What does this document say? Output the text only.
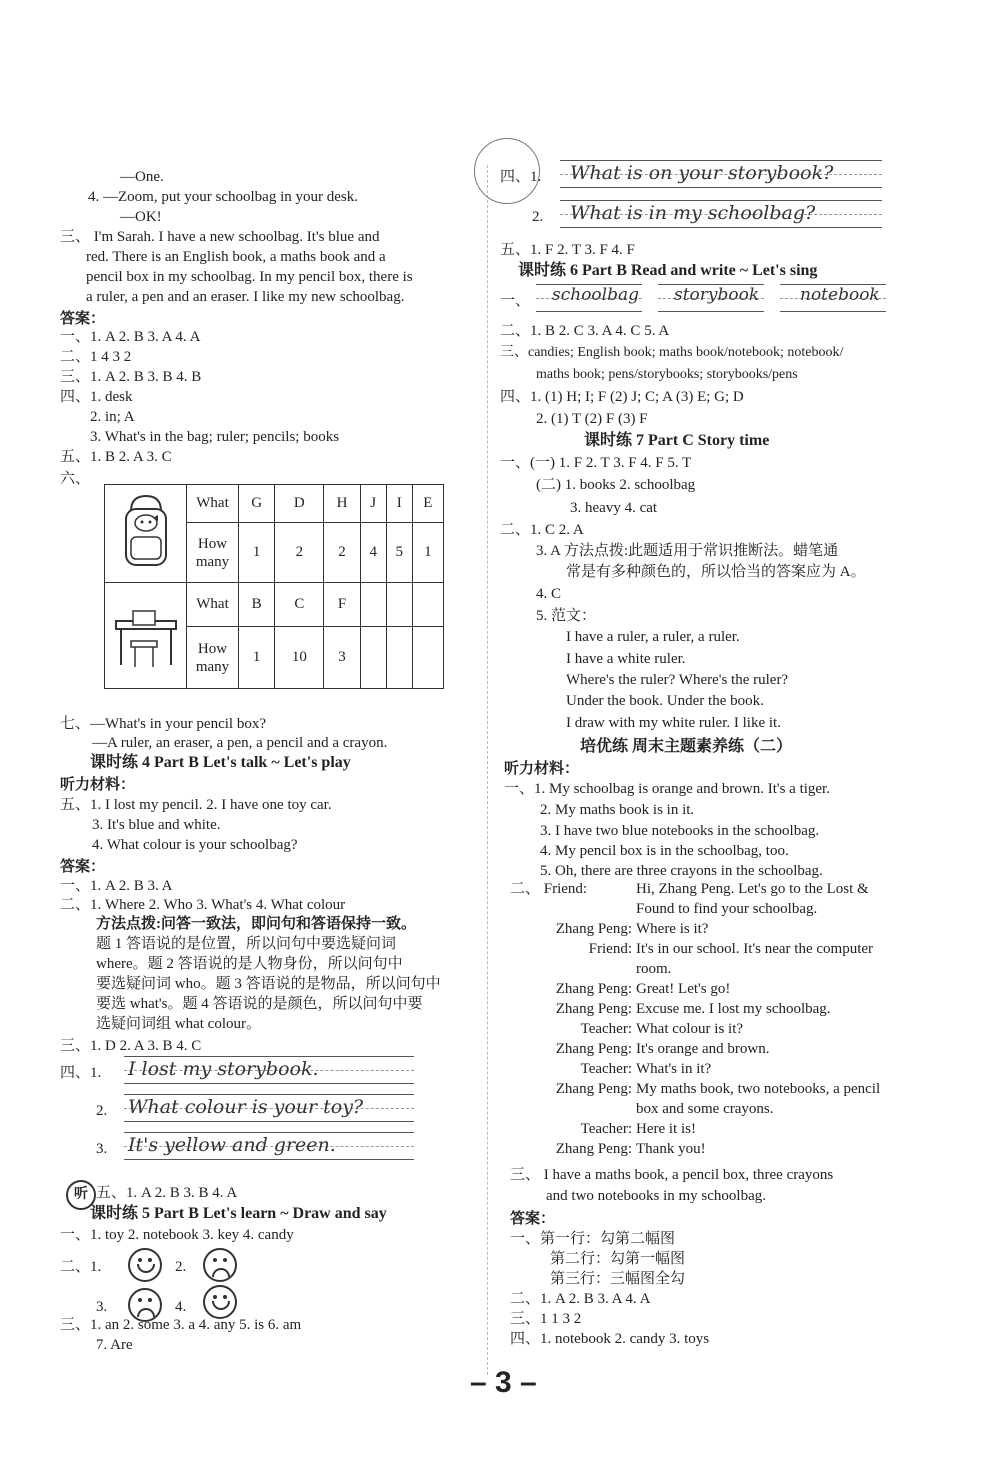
—One.
4. —Zoom, put your schoolbag in your desk.
—OK!
三、 I'm Sarah. I have a new schoolbag. It's blue and
red. There is an English book, a maths book and a
pencil box in my schoolbag. In my pencil box, there is
a ruler, a pen and an eraser. I like my new schoolbag.
答案：
一、1. A 2. B 3. A 4. A
二、1 4 3 2
三、1. A 2. B 3. B 4. B
四、1. desk
2. in; A
3. What's in the bag; ruler; pencils; books
五、1. B 2. A 3. C
六、
	What	G	D	H	J	I	E
	How many	1	2	2	4	5	1
	What	B	C	F			
	How many	1	10	3			
七、—What's in your pencil box?
—A ruler, an eraser, a pen, a pencil and a crayon.
课时练 4 Part B Let's talk ~ Let's play
听力材料：
五、1. I lost my pencil. 2. I have one toy car.
3. It's blue and white.
4. What colour is your schoolbag?
答案：
一、1. A 2. B 3. A
二、1. Where 2. Who 3. What's 4. What colour
方法点拨:问答一致法，即问句和答语保持一致。
题 1 答语说的是位置，所以问句中要选疑问词
where。题 2 答语说的是人物身份，所以问句中
要选疑问词 who。题 3 答语说的是物品，所以问句中
要选 what's。题 4 答语说的是颜色，所以问句中要
选疑问词组 what colour。
三、1. D 2. A 3. B 4. C
四、1. I lost my storybook.
2. What colour is your toy?
3. It's yellow and green.
听 五、1. A 2. B 3. B 4. A
课时练 5 Part B Let's learn ~ Draw and say
一、1. toy 2. notebook 3. key 4. candy
二、1.	2.
3.	4.
三、1. an 2. some 3. a 4. any 5. is 6. am
7. Are
四、1. What is on your storybook?
2. What is in my schoolbag?
五、1. F 2. T 3. F 4. F
课时练 6 Part B Read and write ~ Let's sing
一、 schoolbag storybook notebook
二、1. B 2. C 3. A 4. C 5. A
三、candies; English book; maths book/notebook; notebook/
maths book; pens/storybooks; storybooks/pens
四、1. (1) H; I; F (2) J; C; A (3) E; G; D
2. (1) T (2) F (3) F
课时练 7 Part C Story time
一、(一) 1. F 2. T 3. F 4. F 5. T
(二) 1. books 2. schoolbag
3. heavy 4. cat
二、1. C 2. A
3. A 方法点拨:此题适用于常识推断法。蜡笔通
常是有多种颜色的，所以恰当的答案应为 A。
4. C
5. 范文：
I have a ruler, a ruler, a ruler.
I have a white ruler.
Where's the ruler? Where's the ruler?
Under the book. Under the book.
I draw with my white ruler. I like it.
培优练 周末主题素养练（二）
听力材料：
一、1. My schoolbag is orange and brown. It's a tiger.
2. My maths book is in it.
3. I have two blue notebooks in the schoolbag.
4. My pencil box is in the schoolbag, too.
5. Oh, there are three crayons in the schoolbag.
二、 Friend:	Hi, Zhang Peng. Let's go to the Lost &
Found to find your schoolbag.
Zhang Peng: Where is it?
Friend: It's in our school. It's near the computer
room.
Zhang Peng: Great! Let's go!
Zhang Peng: Excuse me. I lost my schoolbag.
Teacher: What colour is it?
Zhang Peng: It's orange and brown.
Teacher: What's in it?
Zhang Peng: My maths book, two notebooks, a pencil
box and some crayons.
Teacher: Here it is!
Zhang Peng: Thank you!
三、 I have a maths book, a pencil box, three crayons
and two notebooks in my schoolbag.
答案：
一、第一行：勾第二幅图
第二行：勾第一幅图
第三行：三幅图全勾
二、1. A 2. B 3. A 4. A
三、1 1 3 2
四、1. notebook 2. candy 3. toys
– 3 –
